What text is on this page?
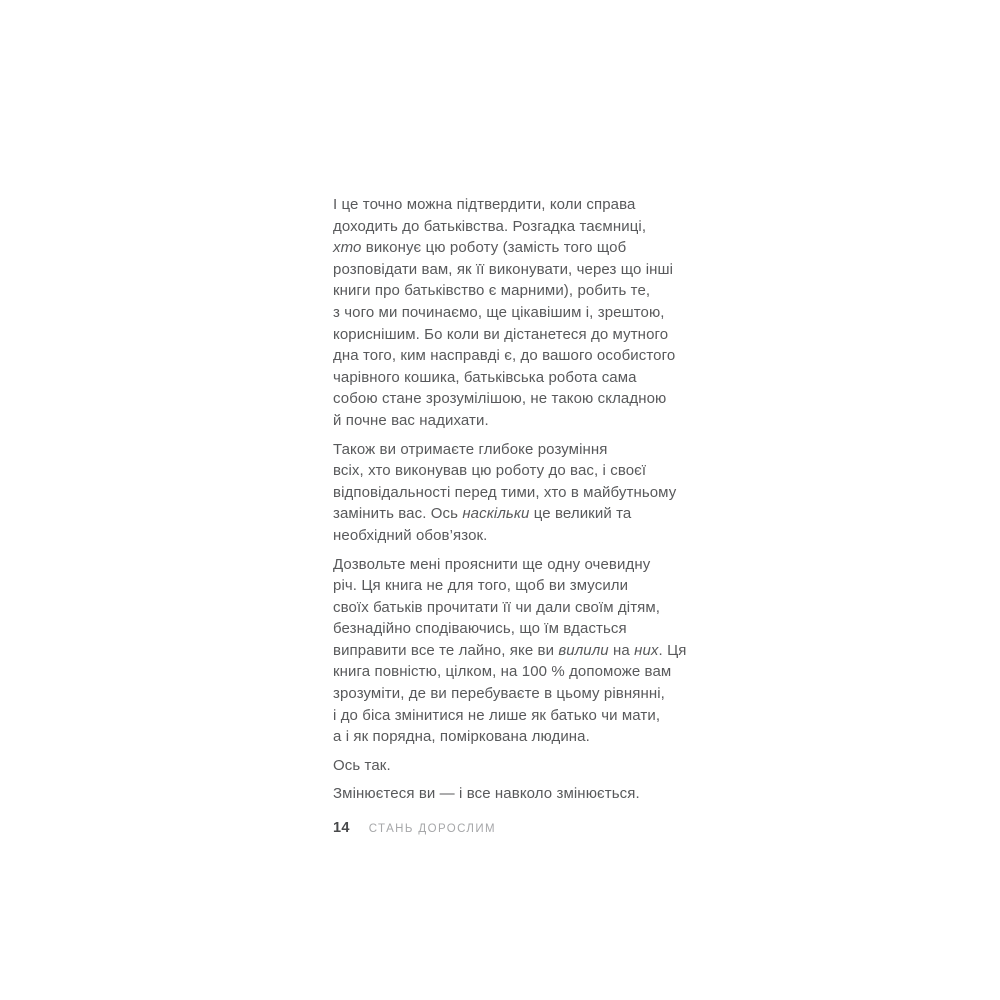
І це точно можна підтвердити, коли справа
доходить до батьківства. Розгадка таємниці,
хто виконує цю роботу (замість того щоб
розповідати вам, як її виконувати, через що інші
книги про батьківство є марними), робить те,
з чого ми починаємо, ще цікавішим і, зрештою,
кориснішим. Бо коли ви дістанетеся до мутного
дна того, ким насправді є, до вашого особистого
чарівного кошика, батьківська робота сама
собою стане зрозумілішою, не такою складною
й почне вас надихати.
Також ви отримаєте глибоке розуміння
всіх, хто виконував цю роботу до вас, і своєї
відповідальності перед тими, хто в майбутньому
замінить вас. Ось наскільки це великий та
необхідний обов’язок.
Дозвольте мені прояснити ще одну очевидну
річ. Ця книга не для того, щоб ви змусили
своїх батьків прочитати її чи дали своїм дітям,
безнадійно сподіваючись, що їм вдасться
виправити все те лайно, яке ви вилили на них. Ця
книга повністю, цілком, на 100 % допоможе вам
зрозуміти, де ви перебуваєте в цьому рівнянні,
і до біса змінитися не лише як батько чи мати,
а і як порядна, поміркована людина.
Ось так.
Змінюєтеся ви — і все навколо змінюється.
14 СТАНЬ ДОРОСЛИМ
